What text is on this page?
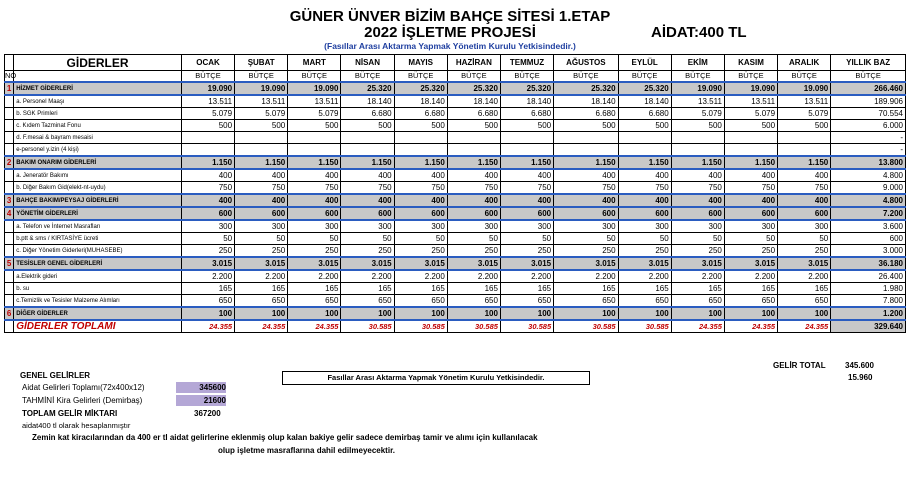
GÜNER ÜNVER BİZİM BAHÇE SİTESİ 1.ETAP
2022 İŞLETME PROJESİ	AİDAT:400 TL
(Fasıllar Arası Aktarma Yapmak Yönetim Kurulu Yetkisindedir.)
	GİDERLER	OCAK	ŞUBAT	MART	NİSAN	MAYIS	HAZİRAN	TEMMUZ	AĞUSTOS	EYLÜL	EKİM	KASIM	ARALIK	YILLIK BAZ
NO		BÜTÇE	BÜTÇE	BÜTÇE	BÜTÇE	BÜTÇE	BÜTÇE	BÜTÇE	BÜTÇE	BÜTÇE	BÜTÇE	BÜTÇE	BÜTÇE	BÜTÇE
1	HİZMET GİDERLERİ	19.090	19.090	19.090	25.320	25.320	25.320	25.320	25.320	25.320	19.090	19.090	19.090	266.460
	a. Personel Maaşı	13.511	13.511	13.511	18.140	18.140	18.140	18.140	18.140	18.140	13.511	13.511	13.511	189.906
	b. SGK Primleri	5.079	5.079	5.079	6.680	6.680	6.680	6.680	6.680	6.680	5.079	5.079	5.079	70.554
	c. Kıdem Tazminat Fonu	500	500	500	500	500	500	500	500	500	500	500	500	6.000
	d. F.mesai & bayram mesaisi													-
	e-personel y.izin (4 kişi)													-
2	BAKIM ONARIM GİDERLERİ	1.150	1.150	1.150	1.150	1.150	1.150	1.150	1.150	1.150	1.150	1.150	1.150	13.800
	a. Jeneratör Bakımı	400	400	400	400	400	400	400	400	400	400	400	400	4.800
	b. Diğer Bakım Gid(elekt-nt-uydu)	750	750	750	750	750	750	750	750	750	750	750	750	9.000
3	BAHÇE BAKIM/PEYSAJ GİDERLERİ	400	400	400	400	400	400	400	400	400	400	400	400	4.800
4	YÖNETİM GİDERLERİ	600	600	600	600	600	600	600	600	600	600	600	600	7.200
	a. Telefon ve İnternet Masrafları	300	300	300	300	300	300	300	300	300	300	300	300	3.600
	b.ptt & sms / KIRTASİYE ücreti	50	50	50	50	50	50	50	50	50	50	50	50	600
	c. Diğer Yönetim Giderleri(MUHASEBE)	250	250	250	250	250	250	250	250	250	250	250	250	3.000
5	TESİSLER GENEL GİDERLERİ	3.015	3.015	3.015	3.015	3.015	3.015	3.015	3.015	3.015	3.015	3.015	3.015	36.180
	a.Elektrik gideri	2.200	2.200	2.200	2.200	2.200	2.200	2.200	2.200	2.200	2.200	2.200	2.200	26.400
	b. su	165	165	165	165	165	165	165	165	165	165	165	165	1.980
	c.Temizlik ve Tesisler Malzeme Alımları	650	650	650	650	650	650	650	650	650	650	650	650	7.800
6	DİĞER GİDERLER	100	100	100	100	100	100	100	100	100	100	100	100	1.200
	GİDERLER TOPLAMI	24.355	24.355	24.355	30.585	30.585	30.585	30.585	30.585	30.585	24.355	24.355	24.355	329.640
GELİR TOTAL 345.600
15.960
Fasıllar Arası Aktarma Yapmak Yönetim Kurulu Yetkisindedir.
GENEL GELİRLER
Aidat Gelirleri Toplamı(72x400x12)	345600
TAHMİNİ Kira Gelirleri (Demirbaş)	21600
TOPLAM GELİR MİKTARI	367200
aidat400 tl olarak hesaplanmıştır
Zemin kat kiracılarından da 400 er tl aidat gelirlerine eklenmiş olup kalan bakiye gelir sadece demirbaş tamir ve alımı için kullanılacak
olup işletme masraflarına dahil edilmeyecektir.
